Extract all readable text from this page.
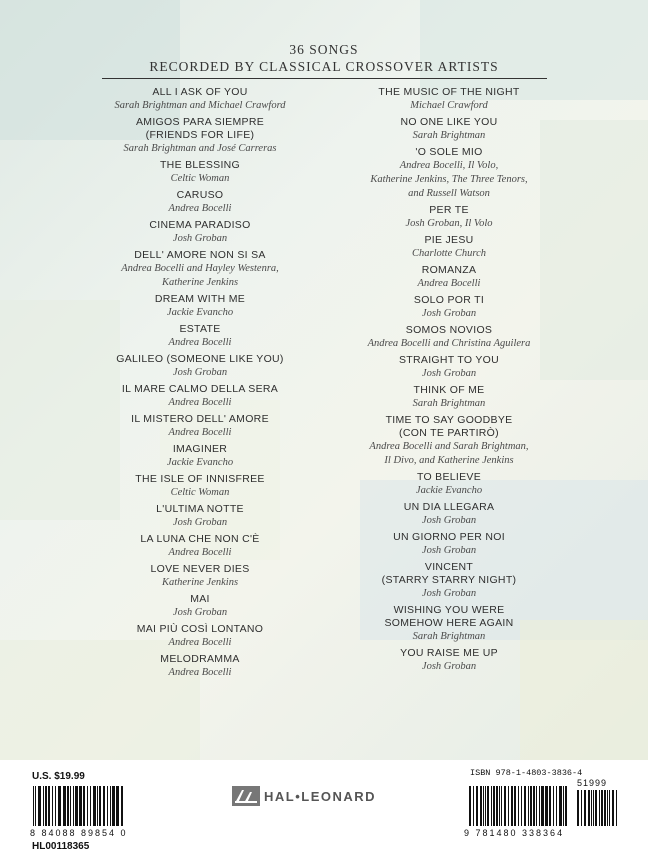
36 SONGS
RECORDED BY CLASSICAL CROSSOVER ARTISTS
ALL I ASK OF YOU
Sarah Brightman and Michael Crawford
AMIGOS PARA SIEMPRE
(FRIENDS FOR LIFE)
Sarah Brightman and José Carreras
THE BLESSING
Celtic Woman
CARUSO
Andrea Bocelli
CINEMA PARADISO
Josh Groban
DELL' AMORE NON SI SA
Andrea Bocelli and Hayley Westenra,
Katherine Jenkins
DREAM WITH ME
Jackie Evancho
ESTATE
Andrea Bocelli
GALILEO (SOMEONE LIKE YOU)
Josh Groban
IL MARE CALMO DELLA SERA
Andrea Bocelli
IL MISTERO DELL' AMORE
Andrea Bocelli
IMAGINER
Jackie Evancho
THE ISLE OF INNISFREE
Celtic Woman
L'ULTIMA NOTTE
Josh Groban
LA LUNA CHE NON C'È
Andrea Bocelli
LOVE NEVER DIES
Katherine Jenkins
MAI
Josh Groban
MAI PIÙ COSÌ LONTANO
Andrea Bocelli
MELODRAMMA
Andrea Bocelli
THE MUSIC OF THE NIGHT
Michael Crawford
NO ONE LIKE YOU
Sarah Brightman
'O SOLE MIO
Andrea Bocelli, Il Volo,
Katherine Jenkins, The Three Tenors,
and Russell Watson
PER TE
Josh Groban, Il Volo
PIE JESU
Charlotte Church
ROMANZA
Andrea Bocelli
SOLO POR TI
Josh Groban
SOMOS NOVIOS
Andrea Bocelli and Christina Aguilera
STRAIGHT TO YOU
Josh Groban
THINK OF ME
Sarah Brightman
TIME TO SAY GOODBYE
(CON TE PARTIRÒ)
Andrea Bocelli and Sarah Brightman,
Il Divo, and Katherine Jenkins
TO BELIEVE
Jackie Evancho
UN DIA LLEGARA
Josh Groban
UN GIORNO PER NOI
Josh Groban
VINCENT
(STARRY STARRY NIGHT)
Josh Groban
WISHING YOU WERE
SOMEHOW HERE AGAIN
Sarah Brightman
YOU RAISE ME UP
Josh Groban
U.S. $19.99
8 84088 89854 0
HL00118365
ISBN 978-1-4803-3836-4
51999
9 781480 338364
HAL•LEONARD
